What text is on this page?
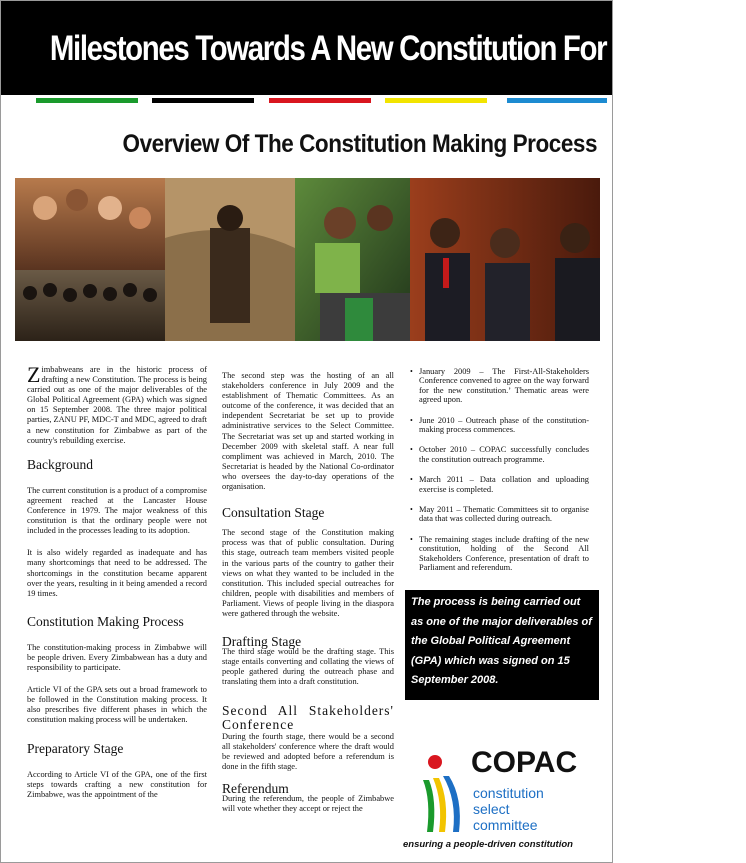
Milestones Towards A New Constitution For Zimbabwe
Overview Of The Constitution Making Process

Zimbabweans are in the historic process of drafting a new Constitution. The process is being carried out as one of the major deliverables of the Global Political Agreement (GPA) which was signed on 15 September 2008. The three major political parties, ZANU PF, MDC-T and MDC, agreed to draft a new constitution for Zimbabwe as part of the country's rebuilding exercise.

Background

The current constitution is a product of a compromise agreement reached at the Lancaster House Conference in 1979. The major weakness of this constitution is that the ordinary people were not included in the processes leading to its adoption.

It is also widely regarded as inadequate and has many shortcomings that need to be addressed. The shortcomings in the constitution became apparent over the years, resulting in it being amended a record 19 times.

Constitution Making Process

The constitution-making process in Zimbabwe will be people driven. Every Zimbabwean has a duty and responsibility to participate.

Article VI of the GPA sets out a broad framework to be followed in the Constitution making process. It also prescribes five different phases in which the constitution making process will be undertaken.

Preparatory Stage

According to Article VI of the GPA, one of the first steps towards crafting a new constitution for Zimbabwe, was the appointment of the

The second step was the hosting of an all stakeholders conference in July 2009 and the establishment of Thematic Committees. As an outcome of the conference, it was decided that an independent Secretariat be set up to provide administrative services to the Select Committee. The Secretariat was set up and started working in December 2009 with skeletal staff. A near full compliment was achieved in March, 2010. The Secretariat is headed by the National Co-ordinator who oversees the day-to-day operations of the organisation.

Consultation Stage

The second stage of the Constitution making process was that of public consultation. During this stage, outreach team members visited people in the various parts of the country to gather their views on what they wanted to be included in the constitution. This included special outreaches for children, people with disabilities and members of Parliament. Views of people living in the diaspora were gathered through the website.

Drafting Stage

The third stage would be the drafting stage. This stage entails converting and collating the views of people gathered during the outreach phase and translating them into a draft constitution.

Second All Stakeholders' Conference

During the fourth stage, there would be a second all stakeholders' conference where the draft would be reviewed and adopted before a referendum is done in the fifth stage.

Referendum

During the referendum, the people of Zimbabwe will vote whether they accept or reject the

• January 2009 – The First-All-Stakeholders Conference convened to agree on the way forward for the new constitution.’ Thematic areas were agreed upon.
• June 2010 – Outreach phase of the constitution-making process commences.
• October 2010 – COPAC successfully concludes the constitution outreach programme.
• March 2011 – Data collation and uploading exercise is completed.
• May 2011 – Thematic Committees sit to organise data that was collected during outreach.
• The remaining stages include drafting of the new constitution, holding of the Second All Stakeholders Conference, presentation of draft to Parliament and referendum.
The process is being carried out as one of the major deliverables of the Global Political Agreement (GPA) which was signed on 15 September 2008.
COPAC
constitution
select
committee
ensuring a people-driven constitution
